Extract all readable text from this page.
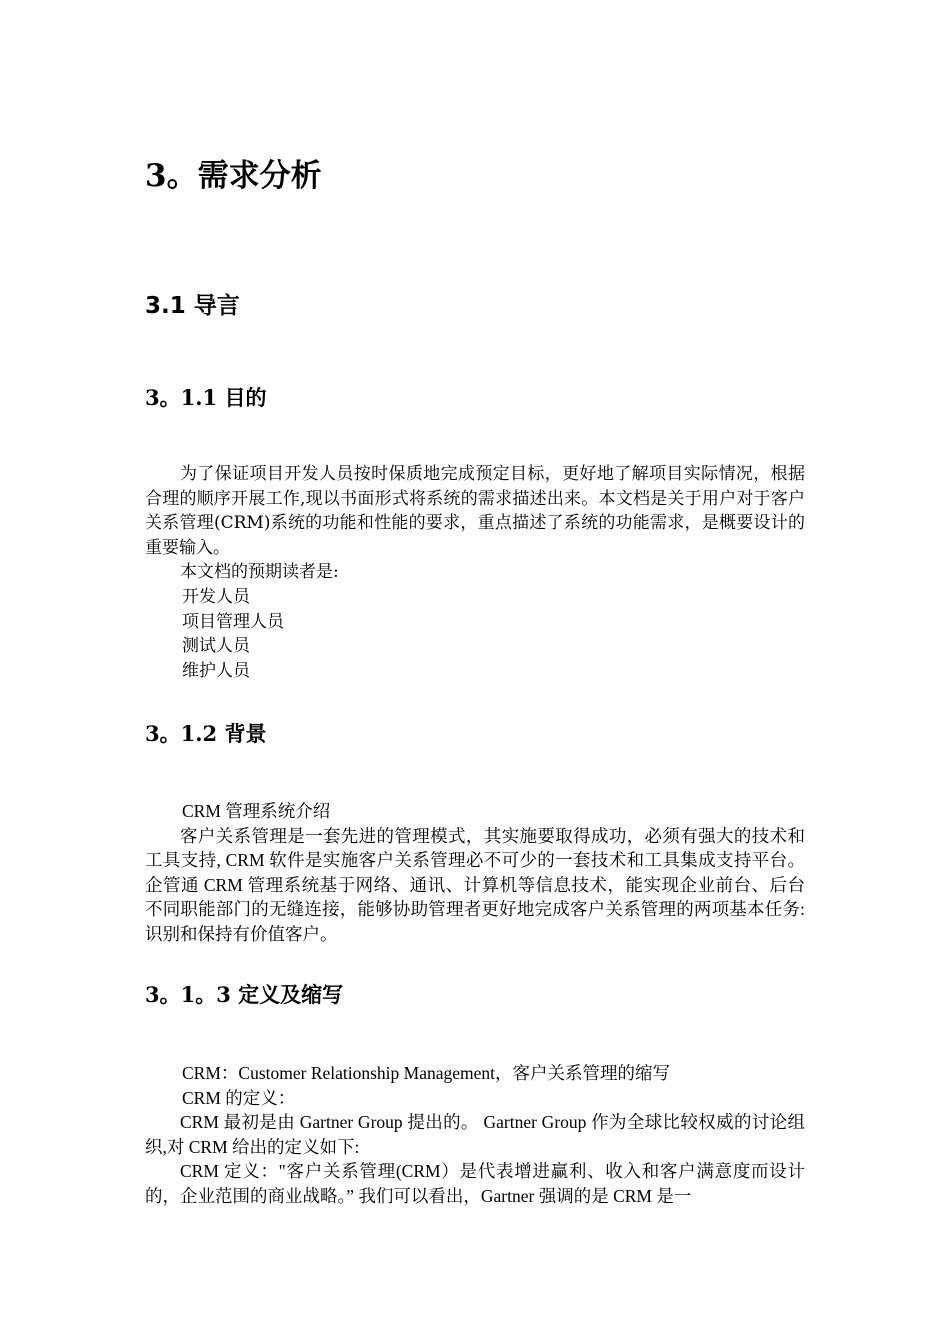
3。需求分析
3.1 导言
3。1.1 目的

为了保证项目开发人员按时保质地完成预定目标，更好地了解项目实际情况，根据合理的顺序开展工作,现以书面形式将系统的需求描述出来。本文档是关于用户对于客户关系管理(CRM)系统的功能和性能的要求，重点描述了系统的功能需求，是概要设计的重要输入。

本文档的预期读者是:

开发人员
项目管理人员
测试人员
维护人员
3。1.2 背景
CRM 管理系统介绍

客户关系管理是一套先进的管理模式，其实施要取得成功，必须有强大的技术和工具支持, CRM 软件是实施客户关系管理必不可少的一套技术和工具集成支持平台。企管通 CRM 管理系统基于网络、通讯、计算机等信息技术，能实现企业前台、后台不同职能部门的无缝连接，能够协助管理者更好地完成客户关系管理的两项基本任务:识别和保持有价值客户。

3。1。3 定义及缩写
CRM：Customer Relationship Management，客户关系管理的缩写
CRM 的定义：

CRM 最初是由 Gartner Group 提出的。 Gartner Group 作为全球比较权威的讨论组织,对 CRM 给出的定义如下:

CRM 定义："客户关系管理(CRM）是代表增进赢利、收入和客户满意度而设计的，企业范围的商业战略。” 我们可以看出，Gartner 强调的是 CRM 是一
